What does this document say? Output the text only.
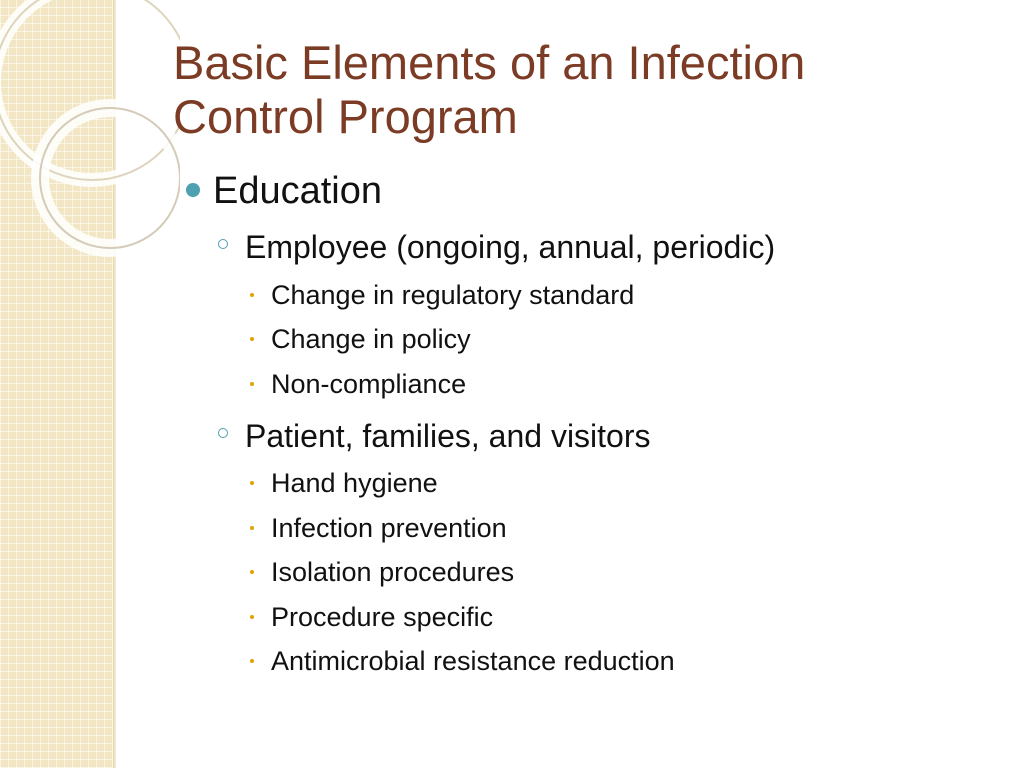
Basic Elements of an Infection
Control Program
Education
Employee (ongoing, annual, periodic)
Change in regulatory standard
Change in policy
Non-compliance
Patient, families, and visitors
Hand hygiene
Infection prevention
Isolation procedures
Procedure specific
Antimicrobial resistance reduction
